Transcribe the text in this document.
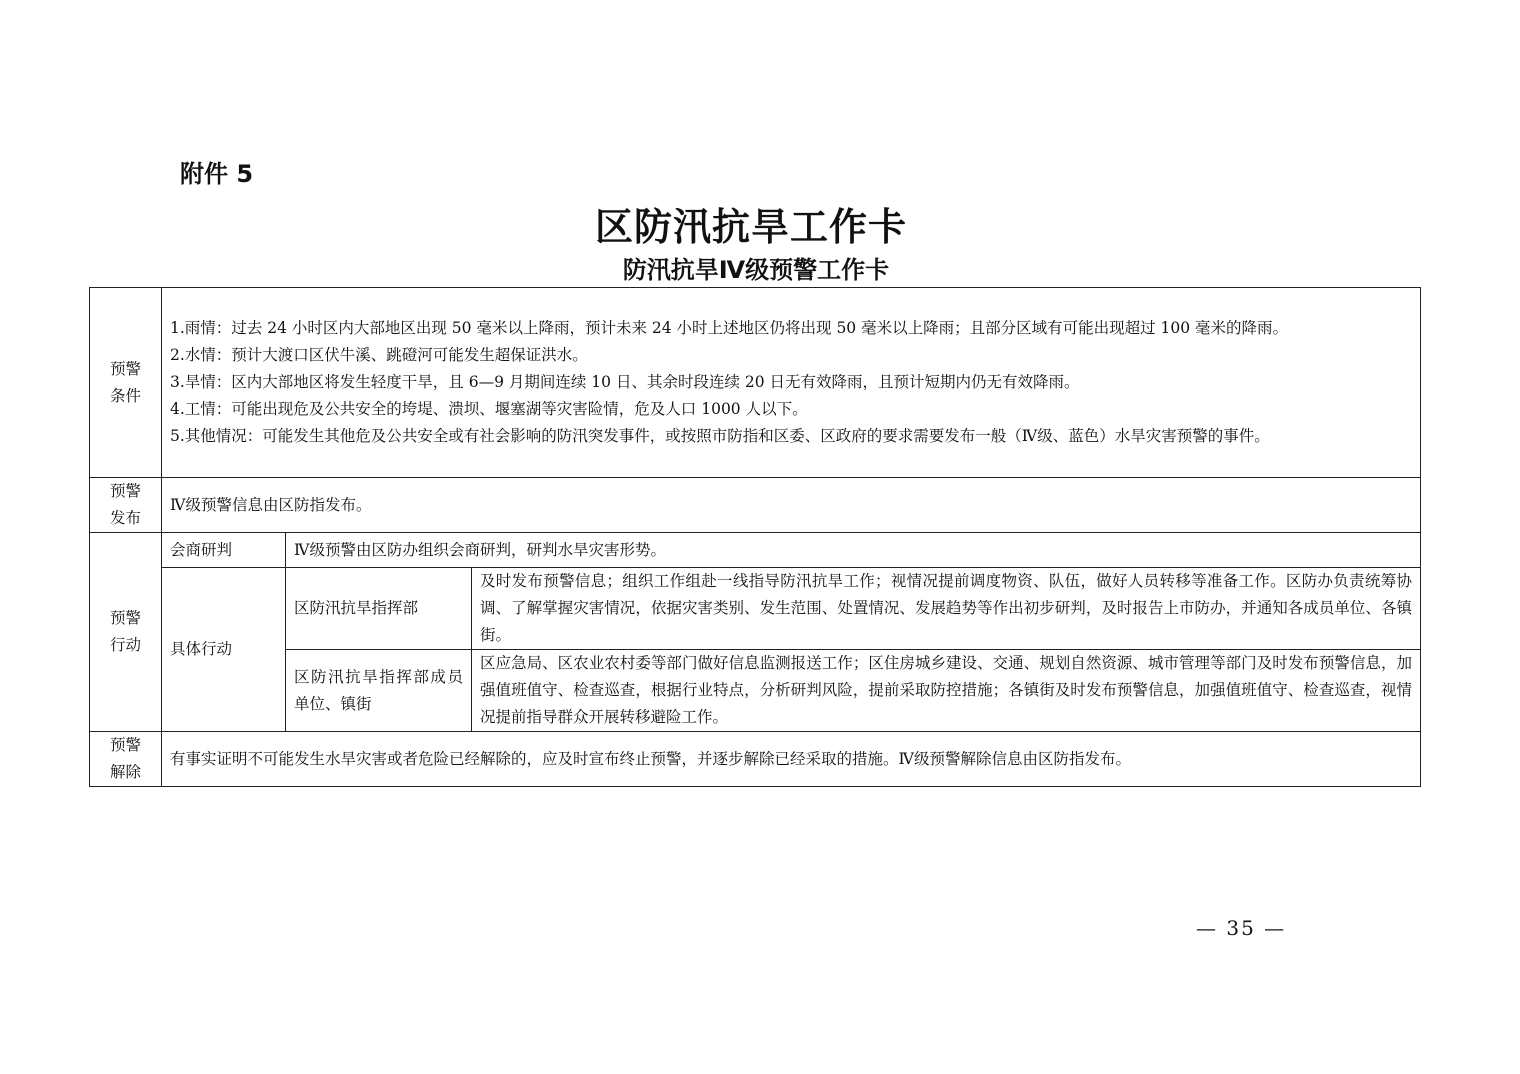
附件 5
区防汛抗旱工作卡
防汛抗旱Ⅳ级预警工作卡
预警
条件	1.雨情：过去 24 小时区内大部地区出现 50 毫米以上降雨，预计未来 24 小时上述地区仍将出现 50 毫米以上降雨；且部分区域有可能出现超过 100 毫米的降雨。
2.水情：预计大渡口区伏牛溪、跳磴河可能发生超保证洪水。
3.旱情：区内大部地区将发生轻度干旱，且 6—9 月期间连续 10 日、其余时段连续 20 日无有效降雨，且预计短期内仍无有效降雨。
4.工情：可能出现危及公共安全的垮堤、溃坝、堰塞湖等灾害险情，危及人口 1000 人以下。
5.其他情况：可能发生其他危及公共安全或有社会影响的防汛突发事件，或按照市防指和区委、区政府的要求需要发布一般（Ⅳ级、蓝色）水旱灾害预警的事件。		

预警
发布	Ⅳ级预警信息由区防指发布。		

预警
行动	会商研判	Ⅳ级预警由区防办组织会商研判，研判水旱灾害形势。	
	具体行动	区防汛抗旱指挥部	及时发布预警信息；组织工作组赴一线指导防汛抗旱工作；视情况提前调度物资、队伍，做好人员转移等准备工作。区防办负责统筹协调、了解掌握灾害情况，依据灾害类别、发生范围、处置情况、发展趋势等作出初步研判，及时报告上市防办，并通知各成员单位、各镇街。
		区防汛抗旱指挥部成员单位、镇街	区应急局、区农业农村委等部门做好信息监测报送工作；区住房城乡建设、交通、规划自然资源、城市管理等部门及时发布预警信息，加强值班值守、检查巡查，根据行业特点，分析研判风险，提前采取防控措施；各镇街及时发布预警信息，加强值班值守、检查巡查，视情况提前指导群众开展转移避险工作。

预警
解除	有事实证明不可能发生水旱灾害或者危险已经解除的，应及时宣布终止预警，并逐步解除已经采取的措施。Ⅳ级预警解除信息由区防指发布。		
— 35 —
